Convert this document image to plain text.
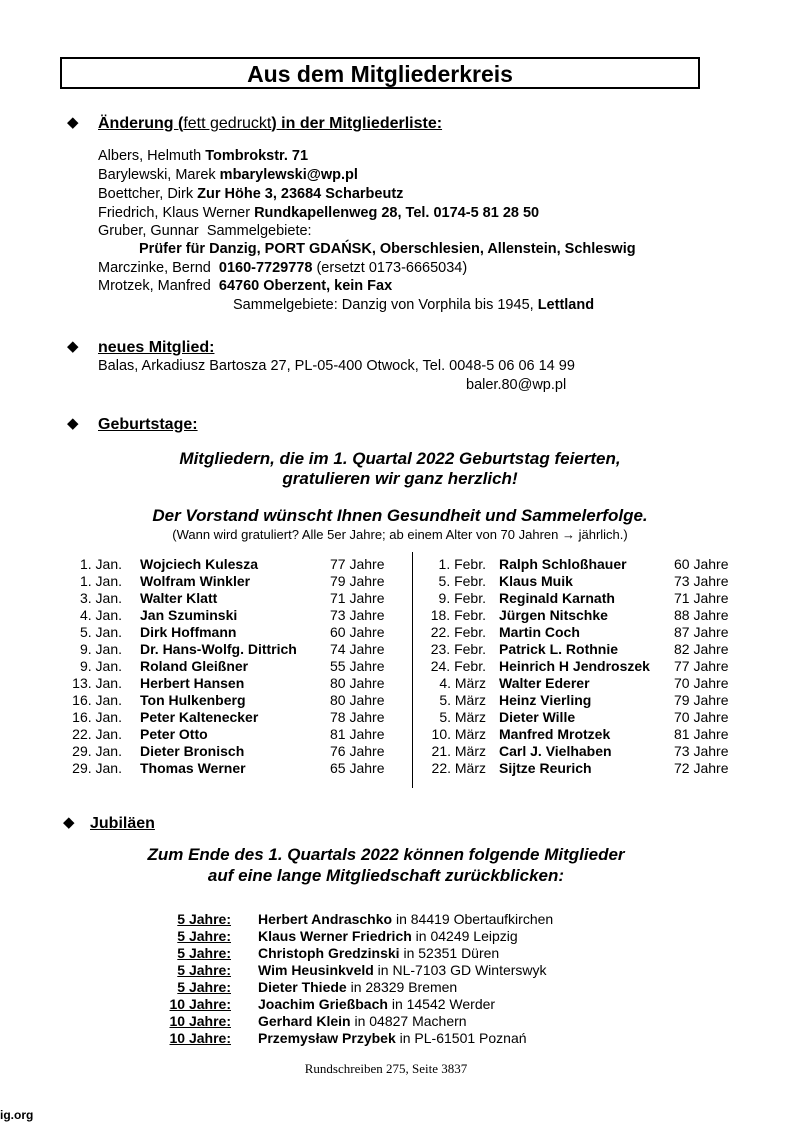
Aus dem Mitgliederkreis
◆ Änderung (fett gedruckt) in der Mitgliederliste:
Albers, Helmuth Tombrokstr. 71
Barylewski, Marek mbarylewski@wp.pl
Boettcher, Dirk Zur Höhe 3, 23684 Scharbeutz
Friedrich, Klaus Werner Rundkapellenweg 28, Tel. 0174-5 81 28 50
Gruber, Gunnar Sammelgebiete:
Prüfer für Danzig, PORT GDAŃSK, Oberschlesien, Allenstein, Schleswig
Marczinke, Bernd 0160-7729778 (ersetzt 0173-6665034)
Mrotzek, Manfred 64760 Oberzent, kein Fax
Sammelgebiete: Danzig von Vorphila bis 1945, Lettland
◆ neues Mitglied:
Balas, Arkadiusz Bartosza 27, PL-05-400 Otwock, Tel. 0048-5 06 06 14 99
baler.80@wp.pl
◆ Geburtstage:
Mitgliedern, die im 1. Quartal 2022 Geburtstag feierten,
gratulieren wir ganz herzlich!
Der Vorstand wünscht Ihnen Gesundheit und Sammelerfolge.
(Wann wird gratuliert? Alle 5er Jahre; ab einem Alter von 70 Jahren → jährlich.)
1. Jan. Wojciech Kulesza	77 Jahre
1. Jan. Wolfram Winkler	79 Jahre
3. Jan. Walter Klatt	71 Jahre
4. Jan. Jan Szuminski	73 Jahre
5. Jan. Dirk Hoffmann	60 Jahre
9. Jan. Dr. Hans-Wolfg. Dittrich 74 Jahre
9. Jan. Roland Gleißner	55 Jahre
13. Jan. Herbert Hansen	80 Jahre
16. Jan. Ton Hulkenberg	80 Jahre
16. Jan. Peter Kaltenecker	78 Jahre
22. Jan. Peter Otto	81 Jahre
29. Jan. Dieter Bronisch	76 Jahre
29. Jan. Thomas Werner	65 Jahre
1. Febr. Ralph Schloßhauer	60 Jahre
5. Febr. Klaus Muik	73 Jahre
9. Febr. Reginald Karnath	71 Jahre
18. Febr. Jürgen Nitschke	88 Jahre
22. Febr. Martin Coch	87 Jahre
23. Febr. Patrick L. Rothnie	82 Jahre
24. Febr. Heinrich H Jendroszek 77 Jahre
4. März Walter Ederer	70 Jahre
5. März Heinz Vierling	79 Jahre
5. März Dieter Wille	70 Jahre
10. März Manfred Mrotzek	81 Jahre
21. März Carl J. Vielhaben	73 Jahre
22. März Sijtze Reurich	72 Jahre
◆ Jubiläen
Zum Ende des 1. Quartals 2022 können folgende Mitglieder
auf eine lange Mitgliedschaft zurückblicken:
5 Jahre: Herbert Andraschko in 84419 Obertaufkirchen
5 Jahre: Klaus Werner Friedrich in 04249 Leipzig
5 Jahre: Christoph Gredzinski in 52351 Düren
5 Jahre: Wim Heusinkveld in NL-7103 GD Winterswyk
5 Jahre: Dieter Thiede in 28329 Bremen
10 Jahre: Joachim Grießbach in 14542 Werder
10 Jahre: Gerhard Klein in 04827 Machern
10 Jahre: Przemysław Przybek in PL-61501 Poznań
Rundschreiben 275, Seite 3837
ig.org
